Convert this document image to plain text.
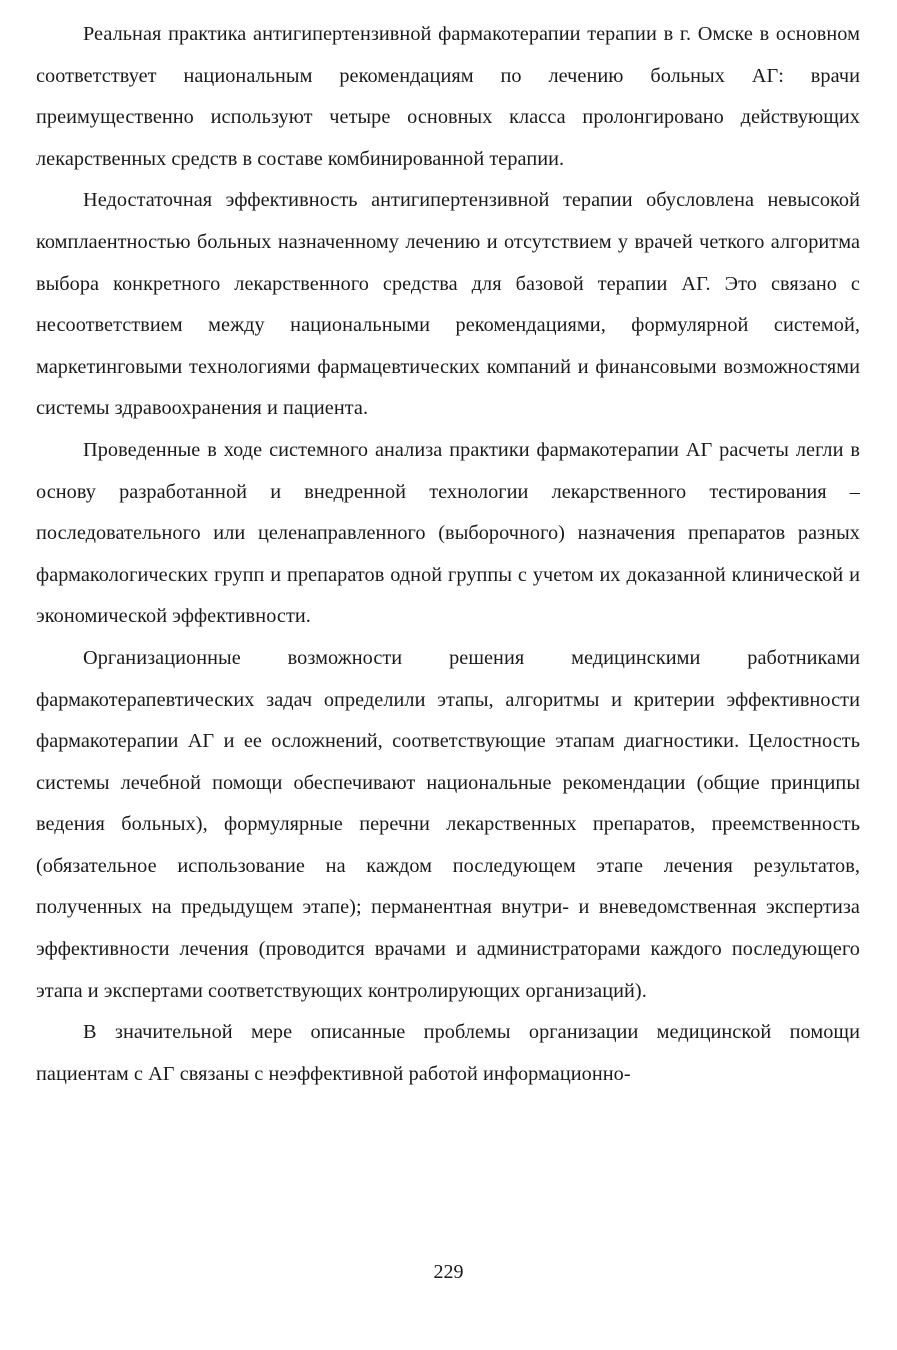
Реальная практика антигипертензивной фармакотерапии терапии в г. Омске в основном соответствует национальным рекомендациям по лечению больных АГ: врачи преимущественно используют четыре основных класса пролонгировано действующих лекарственных средств в составе комбинированной терапии.

Недостаточная эффективность антигипертензивной терапии обусловлена невысокой комплаентностью больных назначенному лечению и отсутствием у врачей четкого алгоритма выбора конкретного лекарственного средства для базовой терапии АГ. Это связано с несоответствием между национальными рекомендациями, формулярной системой, маркетинговыми технологиями фармацевтических компаний и финансовыми возможностями системы здравоохранения и пациента.

Проведенные в ходе системного анализа практики фармакотерапии АГ расчеты легли в основу разработанной и внедренной технологии лекарственного тестирования – последовательного или целенаправленного (выборочного) назначения препаратов разных фармакологических групп и препаратов одной группы с учетом их доказанной клинической и экономической эффективности.

Организационные возможности решения медицинскими работниками фармакотерапевтических задач определили этапы, алгоритмы и критерии эффективности фармакотерапии АГ и ее осложнений, соответствующие этапам диагностики. Целостность системы лечебной помощи обеспечивают национальные рекомендации (общие принципы ведения больных), формулярные перечни лекарственных препаратов, преемственность (обязательное использование на каждом последующем этапе лечения результатов, полученных на предыдущем этапе); перманентная внутри- и вневедомственная экспертиза эффективности лечения (проводится врачами и администраторами каждого последующего этапа и экспертами соответствующих контролирующих организаций).

В значительной мере описанные проблемы организации медицинской помощи пациентам с АГ связаны с неэффективной работой информационно-

229
